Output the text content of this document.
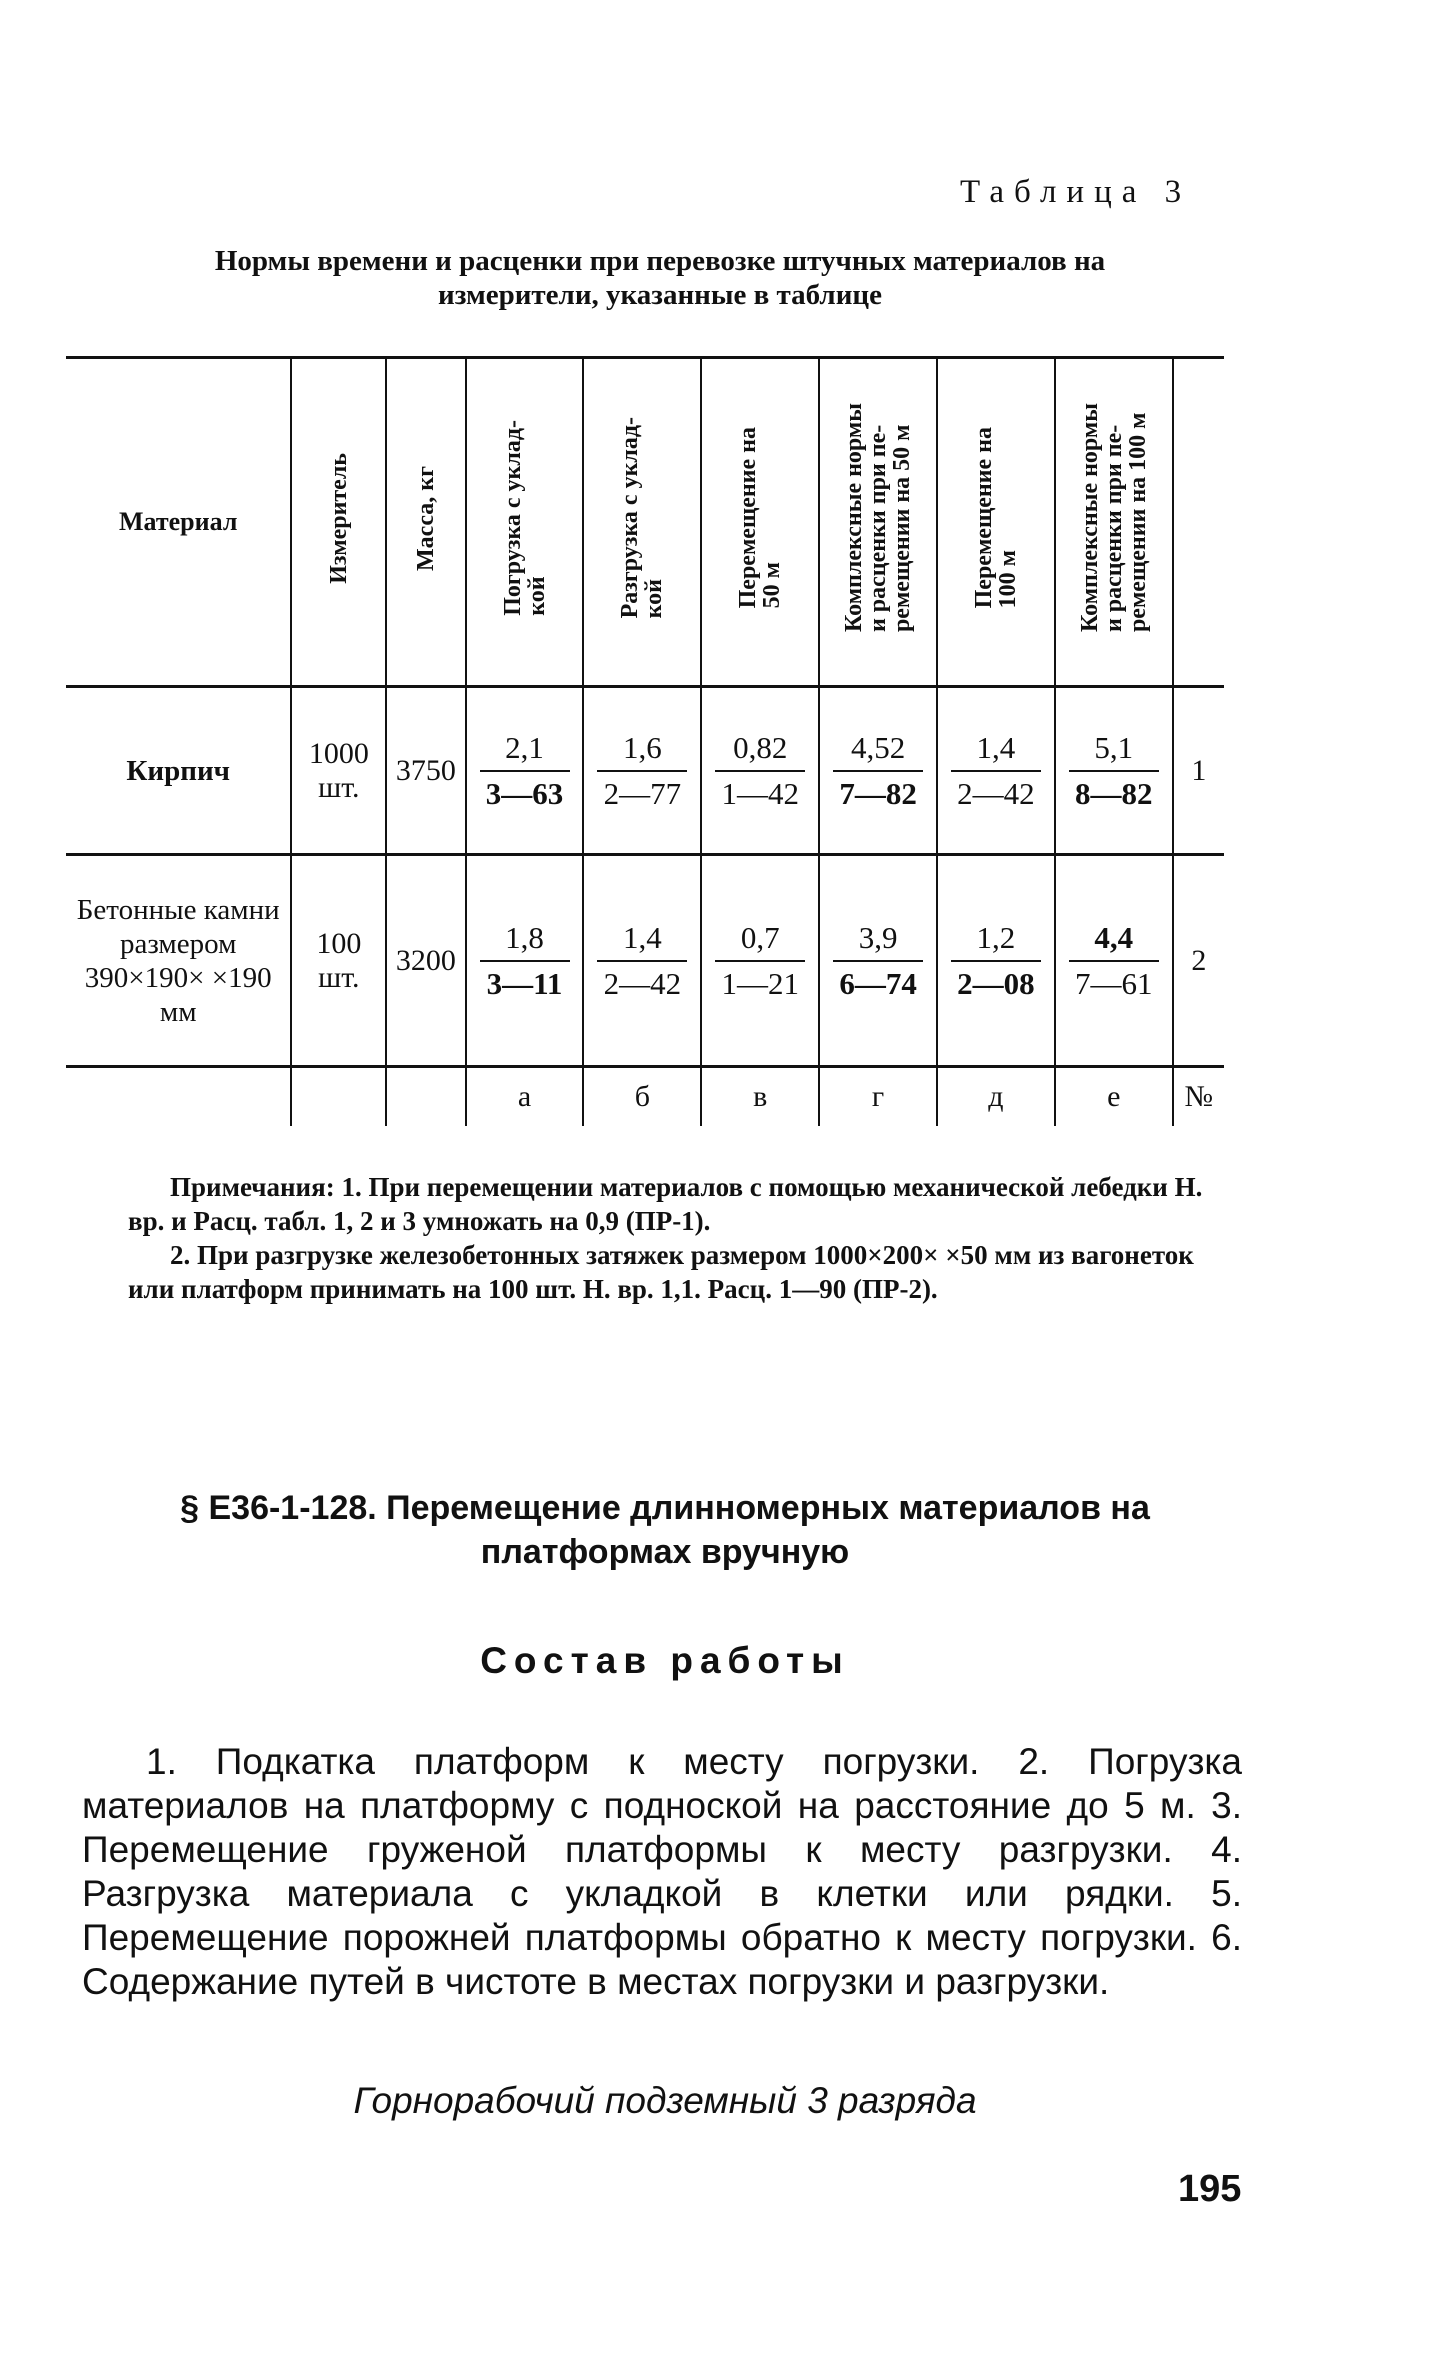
Таблица 3
Нормы времени и расценки при перевозке штучных материалов на
измерители, указанные в таблице
Материал	Измеритель	Масса, кг	Погрузка с уклад-
кой	Разгрузка с уклад-
кой	Перемещение на
50 м	Комплексные нормы
и расценки при пе-
ремещении на 50 м	Перемещение на
100 м	Комплексные нормы
и расценки при пе-
ремещении на 100 м	
Кирпич	1000 шт.	3750	$\frac{2,1}{3—63}$	$\frac{1,6}{2—77}$	$\frac{0,82}{1—42}$	$\frac{4,52}{7—82}$	$\frac{1,4}{2—42}$	$\frac{5,1}{8—82}$	1
Бетонные камни размером 390×190× ×190 мм	100 шт.	3200	$\frac{1,8}{3—11}$	$\frac{1,4}{2—42}$	$\frac{0,7}{1—21}$	$\frac{3,9}{6—74}$	$\frac{1,2}{2—08}$	$\frac{4,4}{7—61}$	2
			а	б	в	г	д	е	№

Примечания: 1. При перемещении материалов с помощью механической лебедки Н. вр. и Расц. табл. 1, 2 и 3 умножать на 0,9 (ПР-1).

2. При разгрузке железобетонных затяжек размером 1000×200× ×50 мм из вагонеток или платформ принимать на 100 шт. Н. вр. 1,1. Расц. 1—90 (ПР-2).

§ Е36-1-128. Перемещение длинномерных материалов на платформах вручную
Состав работы
1. Подкатка платформ к месту погрузки. 2. Погрузка материалов на платформу с подноской на расстояние до 5 м. 3. Перемещение груженой платформы к месту разгрузки. 4. Разгрузка материала с укладкой в клетки или рядки. 5. Перемещение порожней платформы обратно к месту погрузки. 6. Содержание путей в чистоте в местах погрузки и разгрузки.
Горнорабочий подземный 3 разряда
195
